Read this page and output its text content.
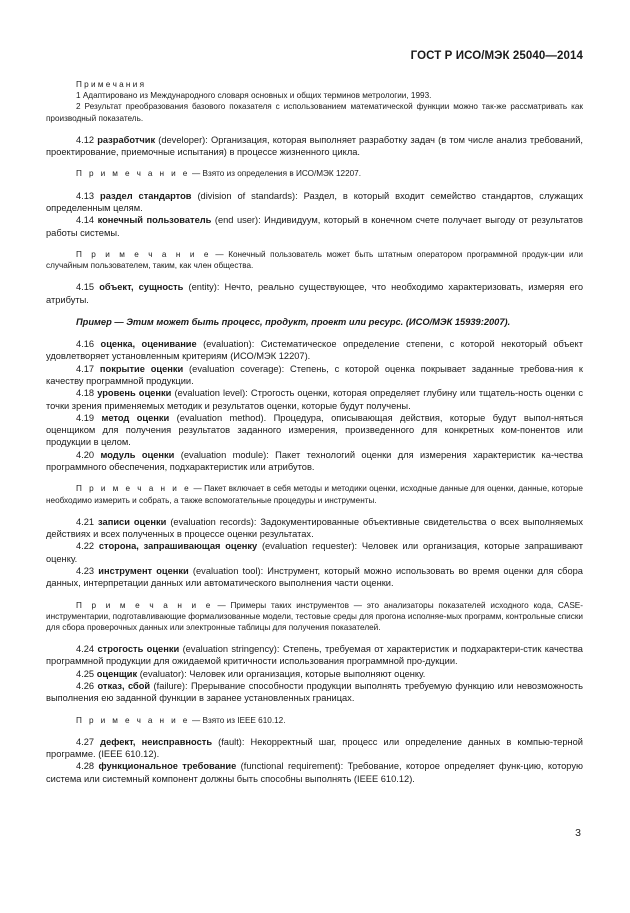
ГОСТ Р ИСО/МЭК 25040—2014

П р и м е ч а н и я

1 Адаптировано из Международного словаря основных и общих терминов метрологии, 1993.

2 Результат преобразования базового показателя с использованием математической функции можно так-же рассматривать как производный показатель.

4.12 разработчик (developer): Организация, которая выполняет разработку задач (в том числе анализ требований, проектирование, приемочные испытания) в процессе жизненного цикла.

П р и м е ч а н и е — Взято из определения в ИСО/МЭК 12207.

4.13 раздел стандартов (division of standards): Раздел, в который входит семейство стандартов, служащих определенным целям.

4.14 конечный пользователь (end user): Индивидуум, который в конечном счете получает выгоду от результатов работы системы.

П р и м е ч а н и е — Конечный пользователь может быть штатным оператором программной продук-ции или случайным пользователем, таким, как член общества.

4.15 объект, сущность (entity): Нечто, реально существующее, что необходимо характеризовать, измеряя его атрибуты.

Пример — Этим может быть процесс, продукт, проект или ресурс. (ИСО/МЭК 15939:2007).

4.16 оценка, оценивание (evaluation): Систематическое определение степени, с которой некоторый объект удовлетворяет установленным критериям (ИСО/МЭК 12207).

4.17 покрытие оценки (evaluation coverage): Степень, с которой оценка покрывает заданные требова-ния к качеству программной продукции.

4.18 уровень оценки (evaluation level): Строгость оценки, которая определяет глубину или тщатель-ность оценки с точки зрения применяемых методик и результатов оценки, которые будут получены.

4.19 метод оценки (evaluation method). Процедура, описывающая действия, которые будут выпол-няться оценщиком для получения результатов заданного измерения, произведенного для конкретных ком-понентов или продукции в целом.

4.20 модуль оценки (evaluation module): Пакет технологий оценки для измерения характеристик ка-чества программного обеспечения, подхарактеристик или атрибутов.

П р и м е ч а н и е — Пакет включает в себя методы и методики оценки, исходные данные для оценки, данные, которые необходимо измерить и собрать, а также вспомогательные процедуры и инструменты.

4.21 записи оценки (evaluation records): Задокументированные объективные свидетельства о всех выполняемых действиях и всех полученных в процессе оценки результатах.

4.22 сторона, запрашивающая оценку (evaluation requester): Человек или организация, которые запрашивают оценку.

4.23 инструмент оценки (evaluation tool): Инструмент, который можно использовать во время оценки для сбора данных, интерпретации данных или автоматического выполнения части оценки.

П р и м е ч а н и е — Примеры таких инструментов — это анализаторы показателей исходного кода, CASE-инструментарии, подготавливающие формализованные модели, тестовые среды для прогона исполняе-мых программ, контрольные списки для сбора проверочных данных или электронные таблицы для получения показателей.

4.24 строгость оценки (evaluation stringency): Степень, требуемая от характеристик и подхарактери-стик качества программной продукции для ожидаемой критичности использования программной про-дукции.

4.25 оценщик (evaluator): Человек или организация, которые выполняют оценку.

4.26 отказ, сбой (failure): Прерывание способности продукции выполнять требуемую функцию или невозможность выполнения ею заданной функции в заранее установленных границах.

П р и м е ч а н и е — Взято из IEEE 610.12.

4.27 дефект, неисправность (fault): Некорректный шаг, процесс или определение данных в компью-терной программе. (IEEE 610.12).

4.28 функциональное требование (functional requirement): Требование, которое определяет функ-цию, которую система или системный компонент должны быть способны выполнять (IEEE 610.12).

3
